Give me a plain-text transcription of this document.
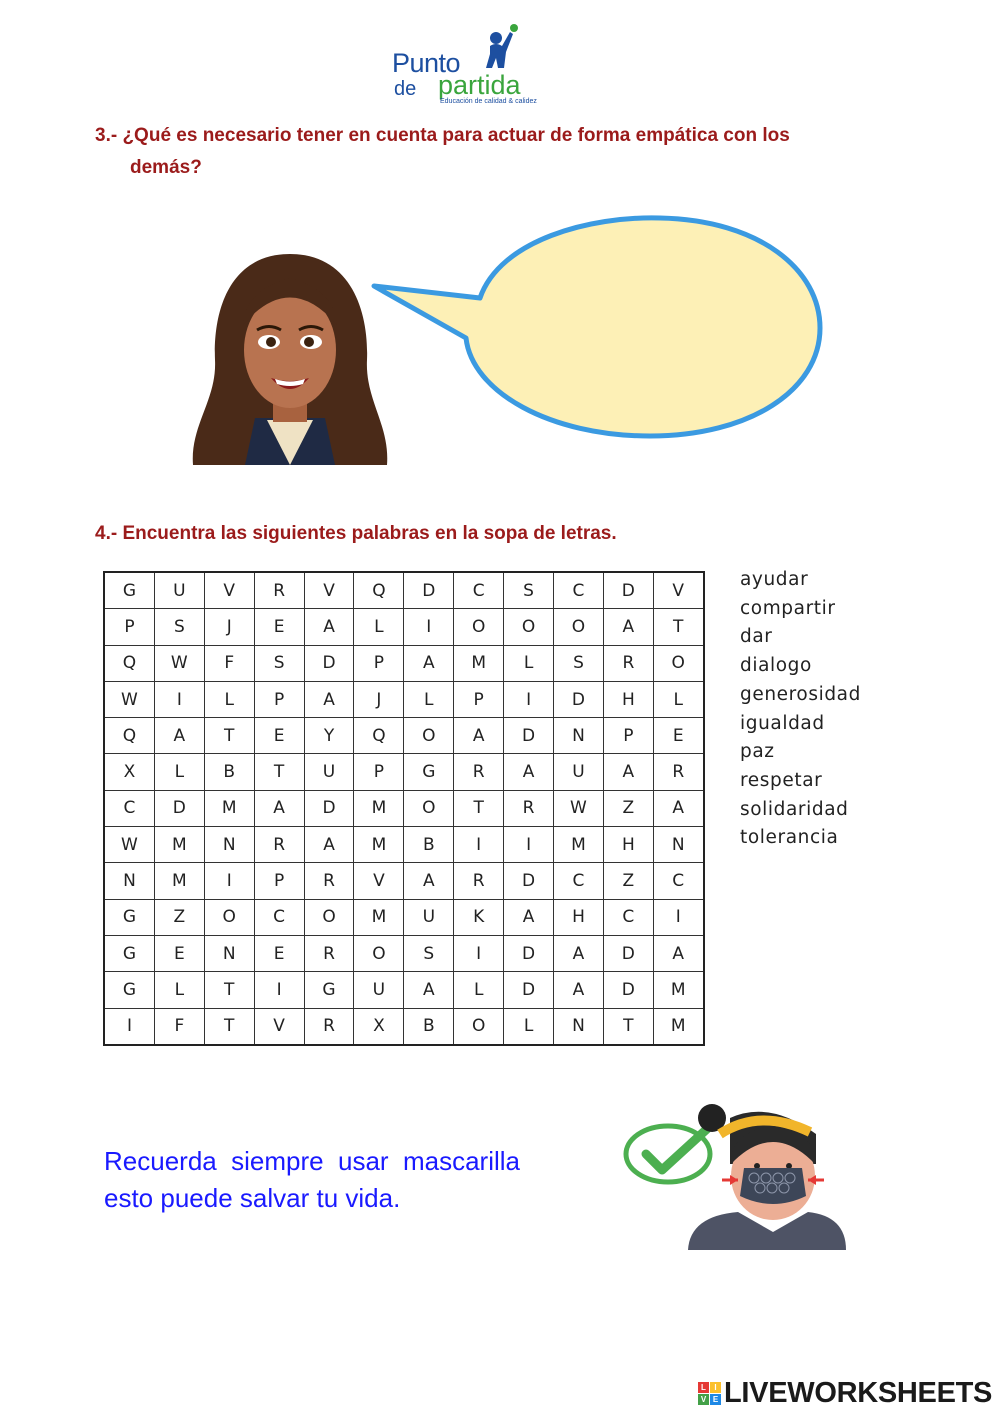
Punto
de partida
Educación de calidad & calidez
3.- ¿Qué es necesario tener en cuenta para actuar de forma empática con los
demás?
4.- Encuentra las siguientes palabras en la sopa de letras.
G	U	V	R	V	Q	D	C	S	C	D	V
P	S	J	E	A	L	I	O	O	O	A	T
Q	W	F	S	D	P	A	M	L	S	R	O
W	I	L	P	A	J	L	P	I	D	H	L
Q	A	T	E	Y	Q	O	A	D	N	P	E
X	L	B	T	U	P	G	R	A	U	A	R
C	D	M	A	D	M	O	T	R	W	Z	A
W	M	N	R	A	M	B	I	I	M	H	N
N	M	I	P	R	V	A	R	D	C	Z	C
G	Z	O	C	O	M	U	K	A	H	C	I
G	E	N	E	R	O	S	I	D	A	D	A
G	L	T	I	G	U	A	L	D	A	D	M
I	F	T	V	R	X	B	O	L	N	T	M
ayudar
compartir
dar
dialogo
generosidad
igualdad
paz
respetar
solidaridad
tolerancia
Recuerda siempre usar mascarilla esto puede salvar tu vida.
L	I
V E LIVEWORKSHEETS
